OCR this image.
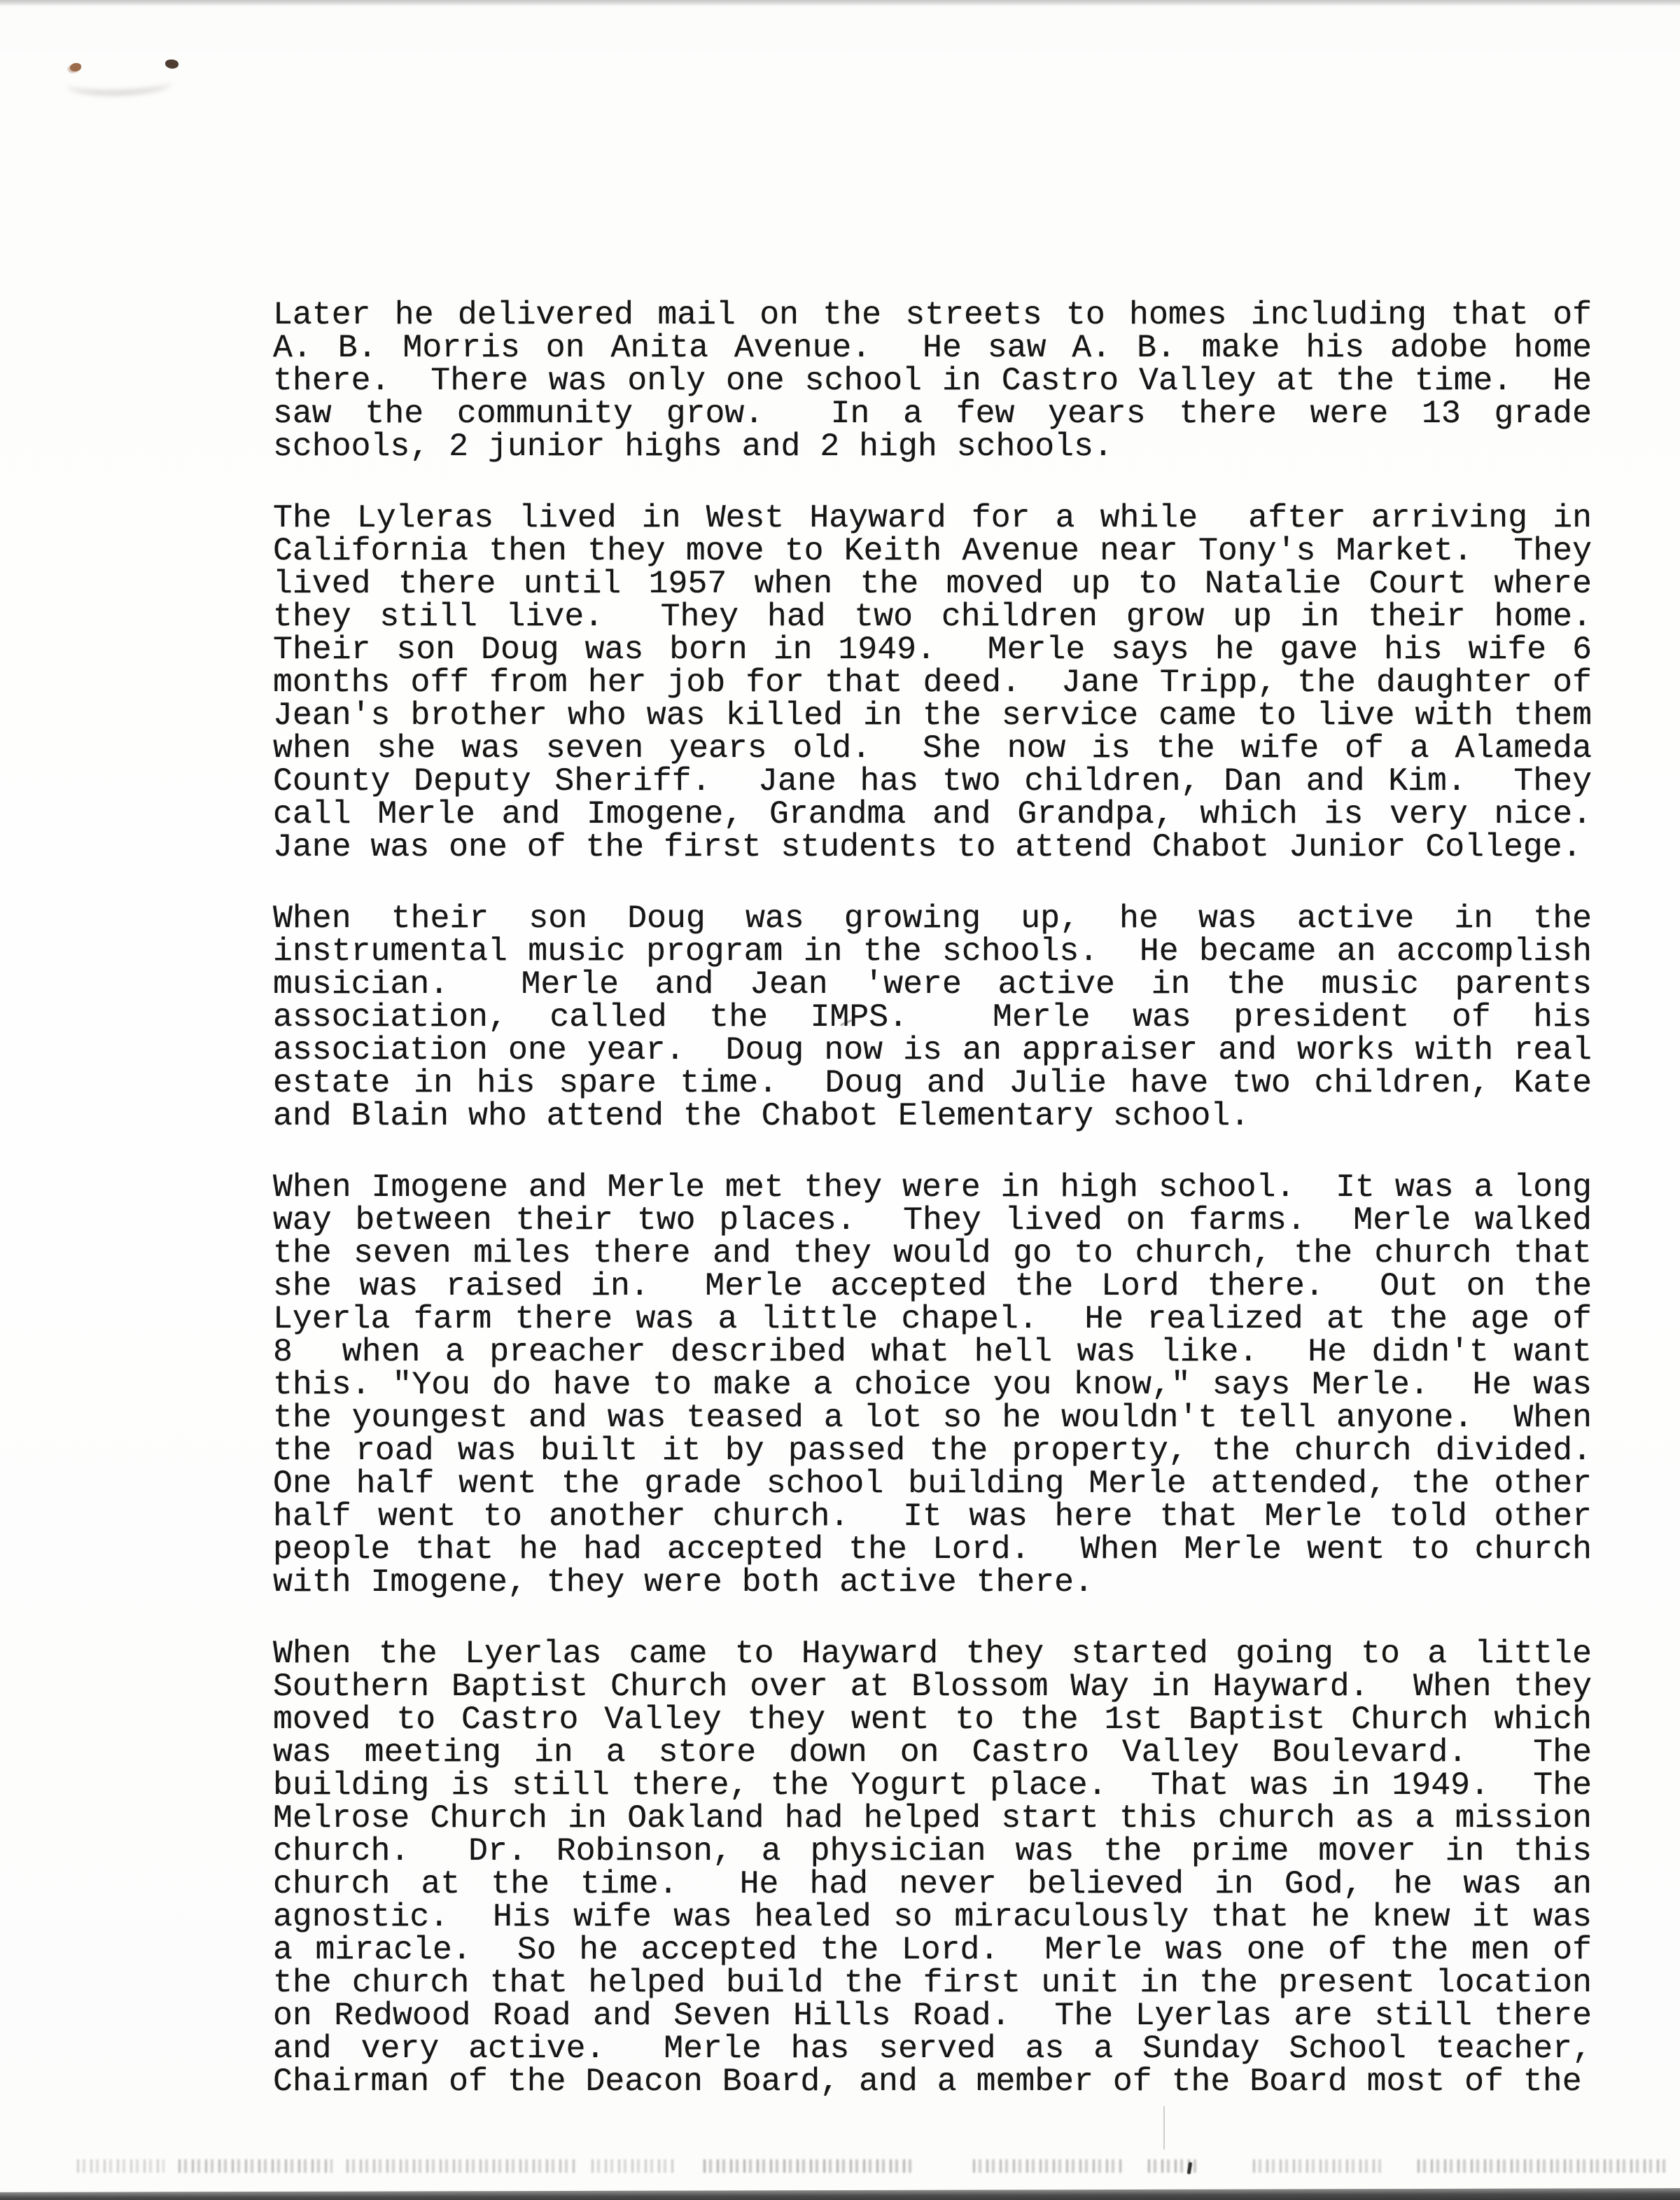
Later he delivered mail on the streets to homes including that of
A. B. Morris on Anita Avenue.  He saw A. B. make his adobe home
there.  There was only one school in Castro Valley at the time.  He
saw the community grow.  In a few years there were 13 grade
schools, 2 junior highs and 2 high schools.
The Lyleras lived in West Hayward for a while  after arriving in
California then they move to Keith Avenue near Tony's Market.  They
lived there until 1957 when the moved up to Natalie Court where
they still live.  They had two children grow up in their home.
Their son Doug was born in 1949.  Merle says he gave his wife 6
months off from her job for that deed.  Jane Tripp, the daughter of
Jean's brother who was killed in the service came to live with them
when she was seven years old.  She now is the wife of a Alameda
County Deputy Sheriff.  Jane has two children, Dan and Kim.  They
call Merle and Imogene, Grandma and Grandpa, which is very nice.
Jane was one of the first students to attend Chabot Junior College.
When their son Doug was growing up, he was active in the
instrumental music program in the schools.  He became an accomplish
musician.  Merle and Jean 'were active in the music parents
association, called the IMPS.  Merle was president of his
association one year.  Doug now is an appraiser and works with real
estate in his spare time.  Doug and Julie have two children, Kate
and Blain who attend the Chabot Elementary school.
When Imogene and Merle met they were in high school.  It was a long
way between their two places.  They lived on farms.  Merle walked
the seven miles there and they would go to church, the church that
she was raised in.  Merle accepted the Lord there.  Out on the
Lyerla farm there was a little chapel.  He realized at the age of
8  when a preacher described what hell was like.  He didn't want
this. "You do have to make a choice you know," says Merle.  He was
the youngest and was teased a lot so he wouldn't tell anyone.  When
the road was built it by passed the property, the church divided.
One half went the grade school building Merle attended, the other
half went to another church.  It was here that Merle told other
people that he had accepted the Lord.  When Merle went to church
with Imogene, they were both active there.
When the Lyerlas came to Hayward they started going to a little
Southern Baptist Church over at Blossom Way in Hayward.  When they
moved to Castro Valley they went to the 1st Baptist Church which
was meeting in a store down on Castro Valley Boulevard.  The
building is still there, the Yogurt place.  That was in 1949.  The
Melrose Church in Oakland had helped start this church as a mission
church.  Dr. Robinson, a physician was the prime mover in this
church at the time.  He had never believed in God, he was an
agnostic.  His wife was healed so miraculously that he knew it was
a miracle.  So he accepted the Lord.  Merle was one of the men of
the church that helped build the first unit in the present location
on Redwood Road and Seven Hills Road.  The Lyerlas are still there
and very active.  Merle has served as a Sunday School teacher,
Chairman of the Deacon Board, and a member of the Board most of the
